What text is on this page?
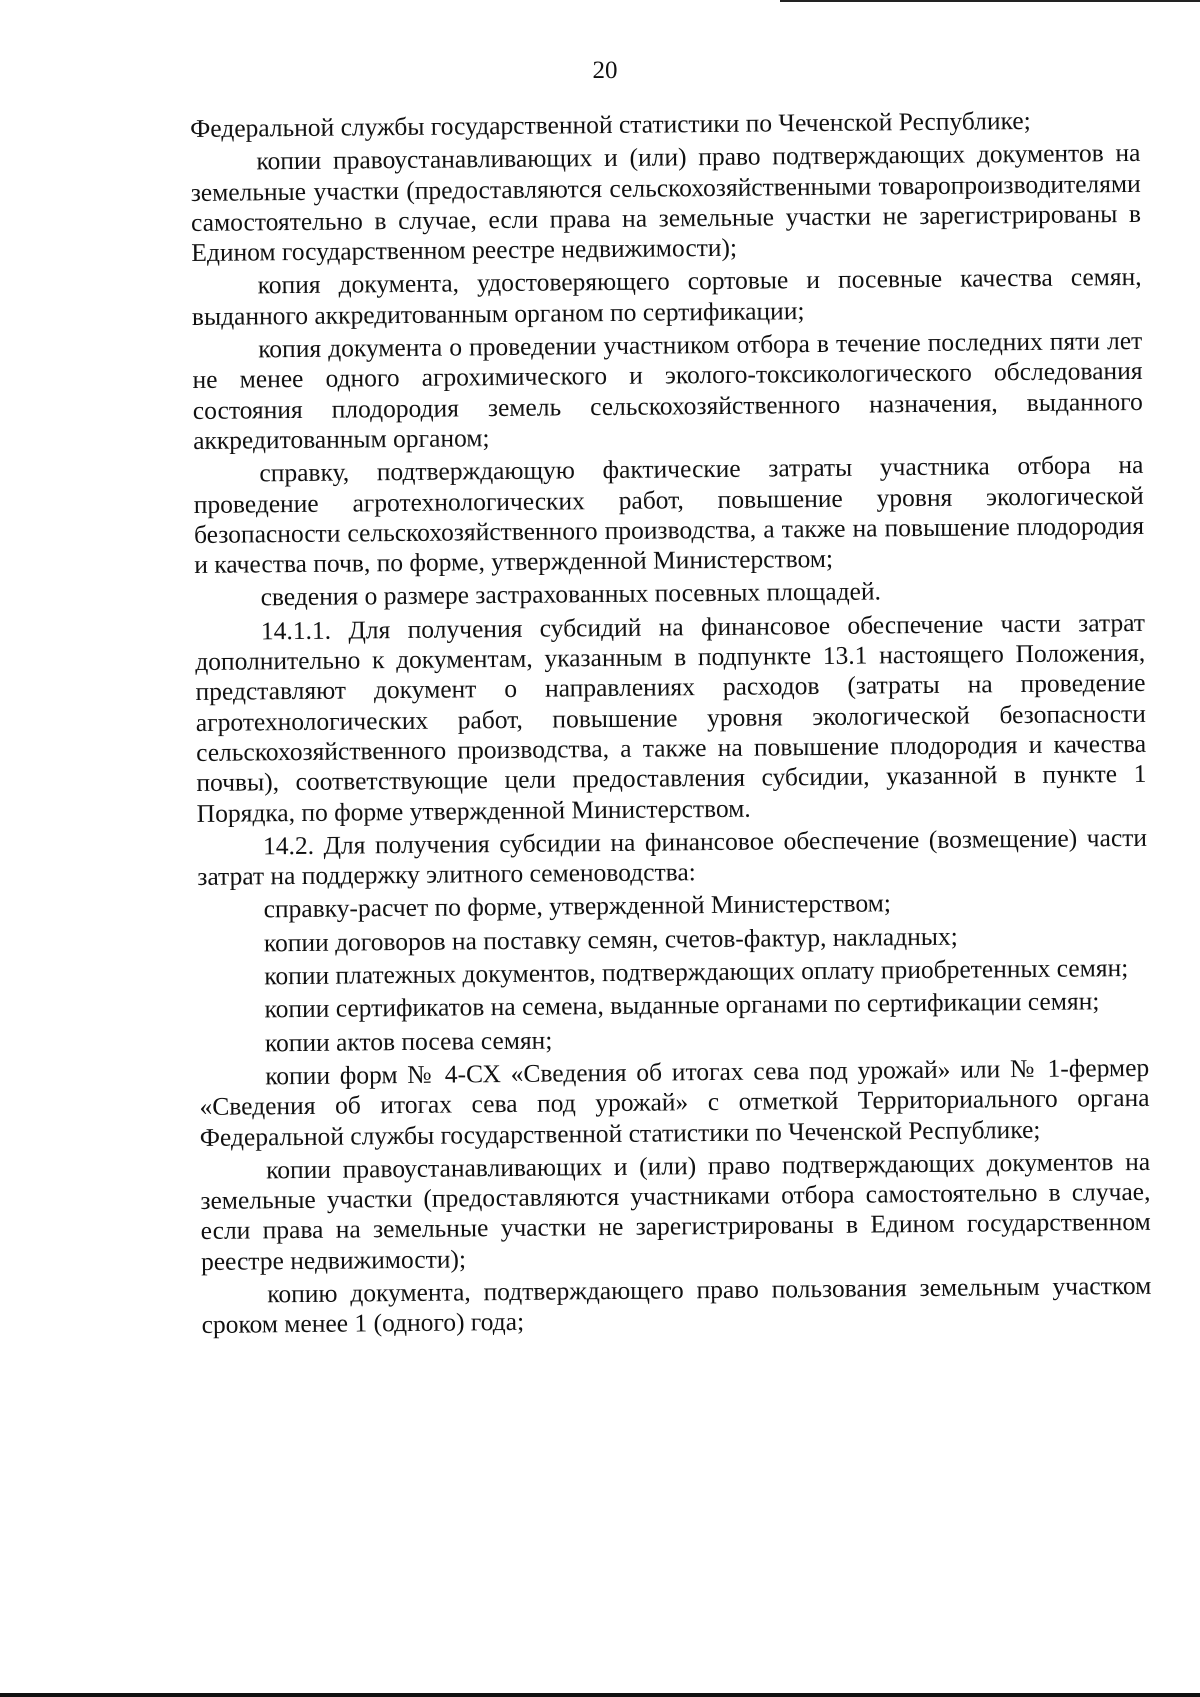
20

Федеральной службы государственной статистики по Чеченской Республике;

копии правоустанавливающих и (или) право подтверждающих документов на земельные участки (предоставляются сельскохозяйственными товаропроизводителями самостоятельно в случае, если права на земельные участки не зарегистрированы в Едином государственном реестре недвижимости);

копия документа, удостоверяющего сортовые и посевные качества семян, выданного аккредитованным органом по сертификации;

копия документа о проведении участником отбора в течение последних пяти лет не менее одного агрохимического и эколого-токсикологического обследования состояния плодородия земель сельскохозяйственного назначения, выданного аккредитованным органом;

справку, подтверждающую фактические затраты участника отбора на проведение агротехнологических работ, повышение уровня экологической безопасности сельскохозяйственного производства, а также на повышение плодородия и качества почв, по форме, утвержденной Министерством;

сведения о размере застрахованных посевных площадей.

14.1.1. Для получения субсидий на финансовое обеспечение части затрат дополнительно к документам, указанным в подпункте 13.1 настоящего Положения, представляют документ о направлениях расходов (затраты на проведение агротехнологических работ, повышение уровня экологической безопасности сельскохозяйственного производства, а также на повышение плодородия и качества почвы), соответствующие цели предоставления субсидии, указанной в пункте 1 Порядка, по форме утвержденной Министерством.

14.2. Для получения субсидии на финансовое обеспечение (возмещение) части затрат на поддержку элитного семеноводства:

справку-расчет по форме, утвержденной Министерством;

копии договоров на поставку семян, счетов-фактур, накладных;

копии платежных документов, подтверждающих оплату приобретенных семян;

копии сертификатов на семена, выданные органами по сертификации семян;

копии актов посева семян;

копии форм № 4-СХ «Сведения об итогах сева под урожай» или № 1-фермер «Сведения об итогах сева под урожай» с отметкой Территориального органа Федеральной службы государственной статистики по Чеченской Республике;

копии правоустанавливающих и (или) право подтверждающих документов на земельные участки (предоставляются участниками отбора самостоятельно в случае, если права на земельные участки не зарегистрированы в Едином государственном реестре недвижимости);

копию документа, подтверждающего право пользования земельным участком сроком менее 1 (одного) года;
